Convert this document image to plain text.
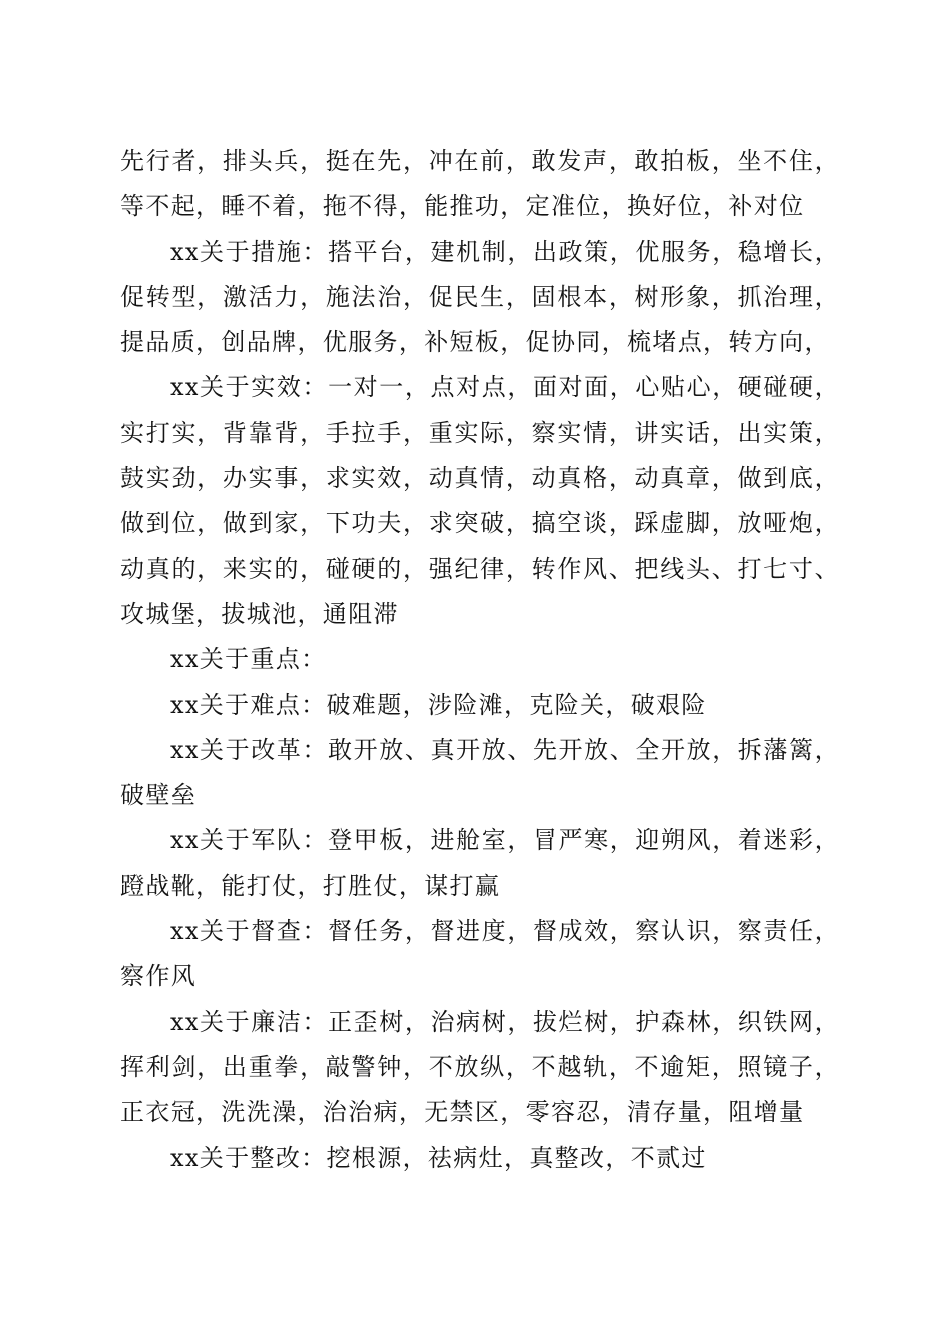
先行者，排头兵，挺在先，冲在前，敢发声，敢拍板，坐不住，等不起，睡不着，拖不得，能推功，定准位，换好位，补对位

xx关于措施：搭平台，建机制，出政策，优服务，稳增长，促转型，激活力，施法治，促民生，固根本，树形象，抓治理，提品质，创品牌，优服务，补短板，促协同，梳堵点，转方向，

xx关于实效：一对一，点对点，面对面，心贴心，硬碰硬，实打实，背靠背，手拉手，重实际，察实情，讲实话，出实策，鼓实劲，办实事，求实效，动真情，动真格，动真章，做到底，做到位，做到家，下功夫，求突破，搞空谈，踩虚脚，放哑炮，动真的，来实的，碰硬的，强纪律，转作风、把线头、打七寸、攻城堡，拔城池，通阻滞

xx关于重点：

xx关于难点：破难题，涉险滩，克险关，破艰险

xx关于改革：敢开放、真开放、先开放、全开放，拆藩篱，破壁垒

xx关于军队：登甲板，进舱室，冒严寒，迎朔风，着迷彩，蹬战靴，能打仗，打胜仗，谋打赢

xx关于督查：督任务，督进度，督成效，察认识，察责任，察作风

xx关于廉洁：正歪树，治病树，拔烂树，护森林，织铁网，挥利剑，出重拳，敲警钟，不放纵，不越轨，不逾矩，照镜子，正衣冠，洗洗澡，治治病，无禁区，零容忍，清存量，阻增量

xx关于整改：挖根源，祛病灶，真整改，不贰过
